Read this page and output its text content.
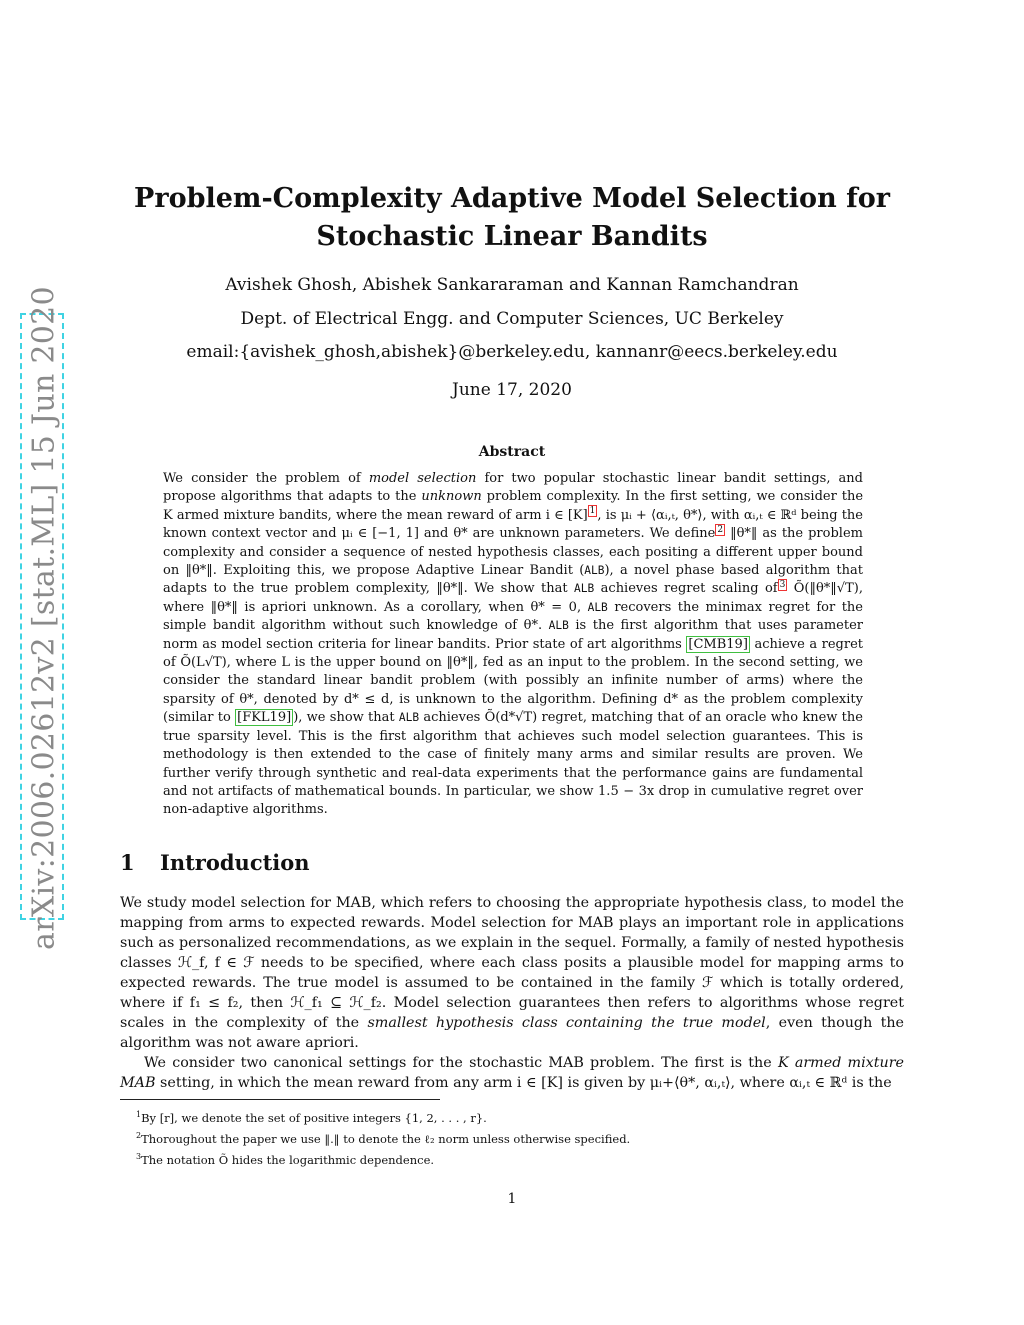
arXiv:2006.02612v2 [stat.ML] 15 Jun 2020
Problem-Complexity Adaptive Model Selection for
Stochastic Linear Bandits
Avishek Ghosh, Abishek Sankararaman and Kannan Ramchandran
Dept. of Electrical Engg. and Computer Sciences, UC Berkeley
email:{avishek_ghosh,abishek}@berkeley.edu, kannanr@eecs.berkeley.edu
June 17, 2020
Abstract

We consider the problem of model selection for two popular stochastic linear bandit settings, and propose algorithms that adapts to the unknown problem complexity. In the first setting, we consider the K armed mixture bandits, where the mean reward of arm i ∈ [K] $^1$ , is μᵢ + ⟨αᵢ,ₜ, θ*⟩, with αᵢ,ₜ ∈ ℝᵈ being the known context vector and μᵢ ∈ [−1, 1] and θ* are unknown parameters. We define $^2$ ‖θ*‖ as the problem complexity and consider a sequence of nested hypothesis classes, each positing a different upper bound on ‖θ*‖. Exploiting this, we propose Adaptive Linear Bandit (ALB), a novel phase based algorithm that adapts to the true problem complexity, ‖θ*‖. We show that ALB achieves regret scaling of $^3$ Õ(‖θ*‖√T), where ‖θ*‖ is apriori unknown. As a corollary, when θ* = 0, ALB recovers the minimax regret for the simple bandit algorithm without such knowledge of θ*. ALB is the first algorithm that uses parameter norm as model section criteria for linear bandits. Prior state of art algorithms [CMB19] achieve a regret of Õ(L√T), where L is the upper bound on ‖θ*‖, fed as an input to the problem. In the second setting, we consider the standard linear bandit problem (with possibly an infinite number of arms) where the sparsity of θ*, denoted by d* ≤ d, is unknown to the algorithm. Defining d* as the problem complexity (similar to [FKL19] ), we show that ALB achieves Õ(d*√T) regret, matching that of an oracle who knew the true sparsity level. This is the first algorithm that achieves such model selection guarantees. This is methodology is then extended to the case of finitely many arms and similar results are proven. We further verify through synthetic and real-data experiments that the performance gains are fundamental and not artifacts of mathematical bounds. In particular, we show 1.5 − 3x drop in cumulative regret over non-adaptive algorithms.

1 Introduction

We study model selection for MAB, which refers to choosing the appropriate hypothesis class, to model the mapping from arms to expected rewards. Model selection for MAB plays an important role in applications such as personalized recommendations, as we explain in the sequel. Formally, a family of nested hypothesis classes ℋ_f, f ∈ ℱ needs to be specified, where each class posits a plausible model for mapping arms to expected rewards. The true model is assumed to be contained in the family ℱ which is totally ordered, where if f₁ ≤ f₂, then ℋ_f₁ ⊆ ℋ_f₂. Model selection guarantees then refers to algorithms whose regret scales in the complexity of the smallest hypothesis class containing the true model, even though the algorithm was not aware apriori.

We consider two canonical settings for the stochastic MAB problem. The first is the K armed mixture MAB setting, in which the mean reward from any arm i ∈ [K] is given by μᵢ+⟨θ*, αᵢ,ₜ⟩, where αᵢ,ₜ ∈ ℝᵈ is the

$^1$By [r], we denote the set of positive integers {1, 2, . . . , r}.
$^2$Thoroughout the paper we use ‖.‖ to denote the ℓ₂ norm unless otherwise specified.
$^3$The notation Õ hides the logarithmic dependence.
1
